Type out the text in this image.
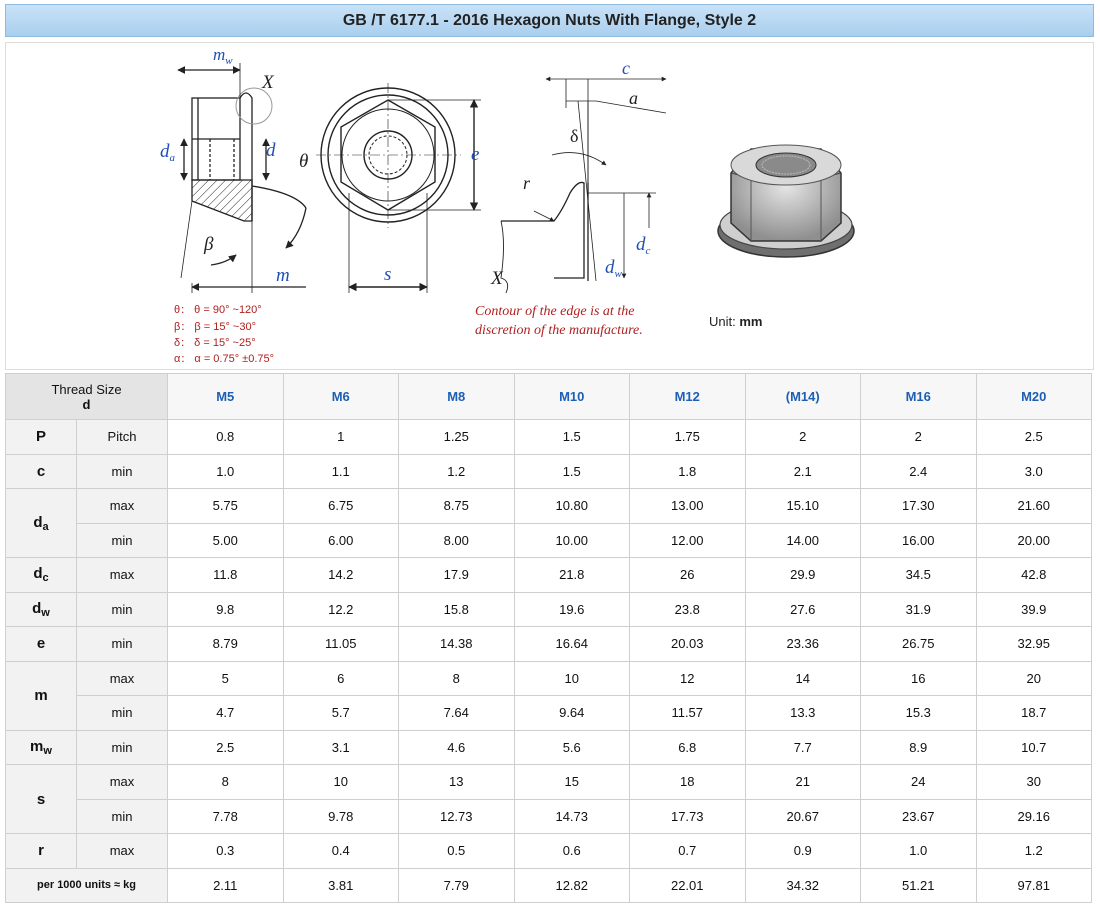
GB /T 6177.1 - 2016 Hexagon Nuts With Flange, Style 2
$m_w$
X
$d_a$	d
θ
β
m
e
s
c
a
δ
r
X
$d_c$
$d_w$
θ： θ = 90° ~120°
β： β = 15° ~30°
δ： δ = 15° ~25°
α： α = 0.75° ±0.75°
Contour of the edge is at the
discretion of the manufacture.
Unit: mm
Thread Size
d		M5	M6	M8	M10	M12	(M14)	M16	M20
P	Pitch	0.8	1	1.25	1.5	1.75	2	2	2.5
c	min	1.0	1.1	1.2	1.5	1.8	2.1	2.4	3.0
$d_a$	max	5.75	6.75	8.75	10.80	13.00	15.10	17.30	21.60
	min	5.00	6.00	8.00	10.00	12.00	14.00	16.00	20.00
$d_c$	max	11.8	14.2	17.9	21.8	26	29.9	34.5	42.8
$d_w$	min	9.8	12.2	15.8	19.6	23.8	27.6	31.9	39.9
e	min	8.79	11.05	14.38	16.64	20.03	23.36	26.75	32.95
m	max	5	6	8	10	12	14	16	20
	min	4.7	5.7	7.64	9.64	11.57	13.3	15.3	18.7
$m_w$	min	2.5	3.1	4.6	5.6	6.8	7.7	8.9	10.7
s	max	8	10	13	15	18	21	24	30
	min	7.78	9.78	12.73	14.73	17.73	20.67	23.67	29.16
r	max	0.3	0.4	0.5	0.6	0.7	0.9	1.0	1.2
per 1000 units ≈ kg		2.11	3.81	7.79	12.82	22.01	34.32	51.21	97.81
